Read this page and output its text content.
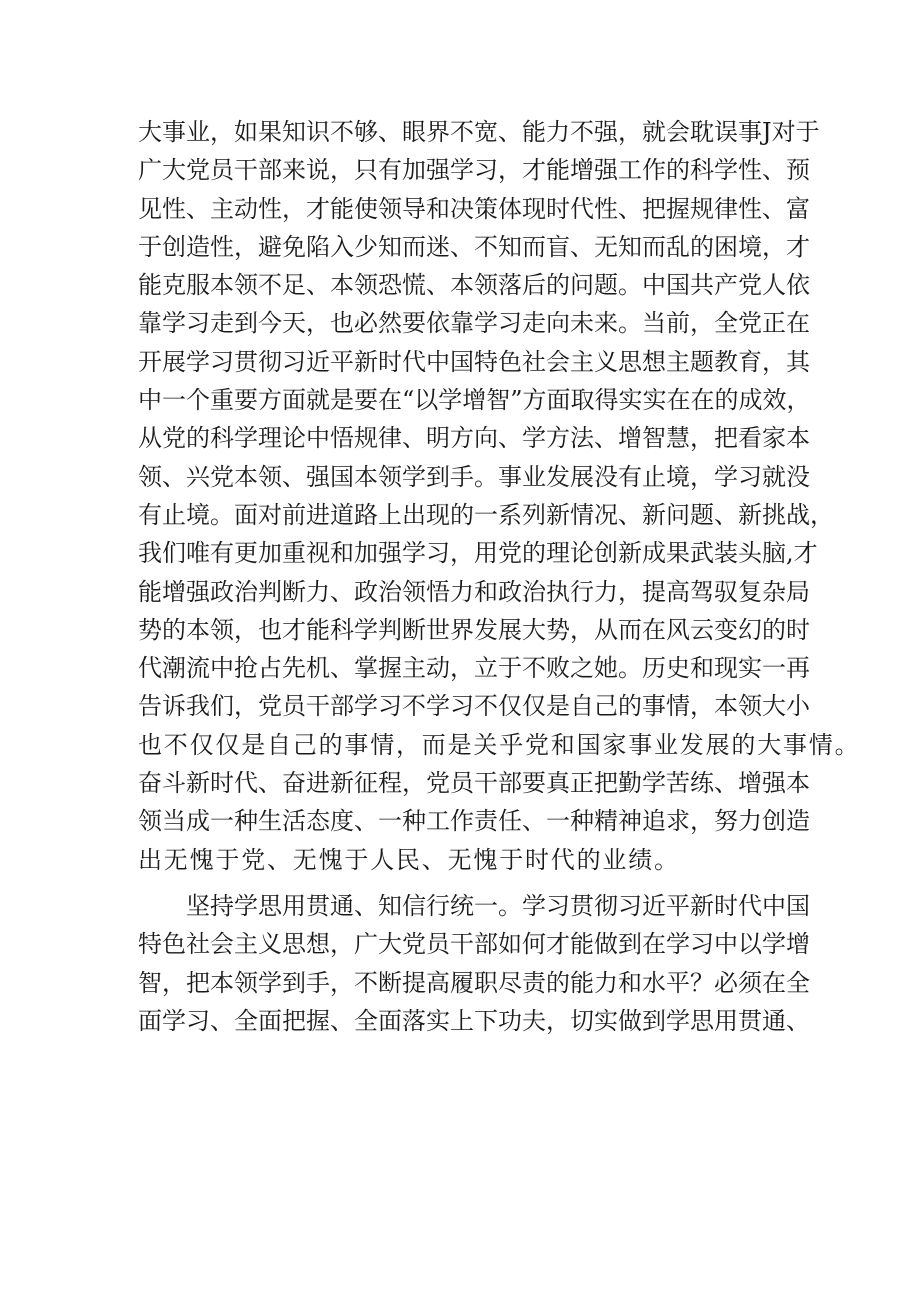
大事业，如果知识不够、眼界不宽、能力不强，就会耽误事J对于
广大党员干部来说，只有加强学习，才能增强工作的科学性、预
见性、主动性，才能使领导和决策体现时代性、把握规律性、富
于创造性，避免陷入少知而迷、不知而盲、无知而乱的困境，才
能克服本领不足、本领恐慌、本领落后的问题。中国共产党人依
靠学习走到今天，也必然要依靠学习走向未来。当前，全党正在
开展学习贯彻习近平新时代中国特色社会主义思想主题教育，其
中一个重要方面就是要在“以学增智”方面取得实实在在的成效，
从党的科学理论中悟规律、明方向、学方法、增智慧，把看家本
领、兴党本领、强国本领学到手。事业发展没有止境，学习就没
有止境。面对前进道路上出现的一系列新情况、新问题、新挑战，
我们唯有更加重视和加强学习，用党的理论创新成果武装头脑,才
能增强政治判断力、政治领悟力和政治执行力，提高驾驭复杂局
势的本领，也才能科学判断世界发展大势，从而在风云变幻的时
代潮流中抢占先机、掌握主动，立于不败之她。历史和现实一再
告诉我们，党员干部学习不学习不仅仅是自己的事情，本领大小
也不仅仅是自己的事情，而是关乎党和国家事业发展的大事情。
奋斗新时代、奋进新征程，党员干部要真正把勤学苦练、增强本
领当成一种生活态度、一种工作责任、一种精神追求，努力创造
出无愧于党、无愧于人民、无愧于时代的业绩。
坚持学思用贯通、知信行统一。学习贯彻习近平新时代中国
特色社会主义思想，广大党员干部如何才能做到在学习中以学增
智，把本领学到手，不断提高履职尽责的能力和水平？必须在全
面学习、全面把握、全面落实上下功夫，切实做到学思用贯通、
